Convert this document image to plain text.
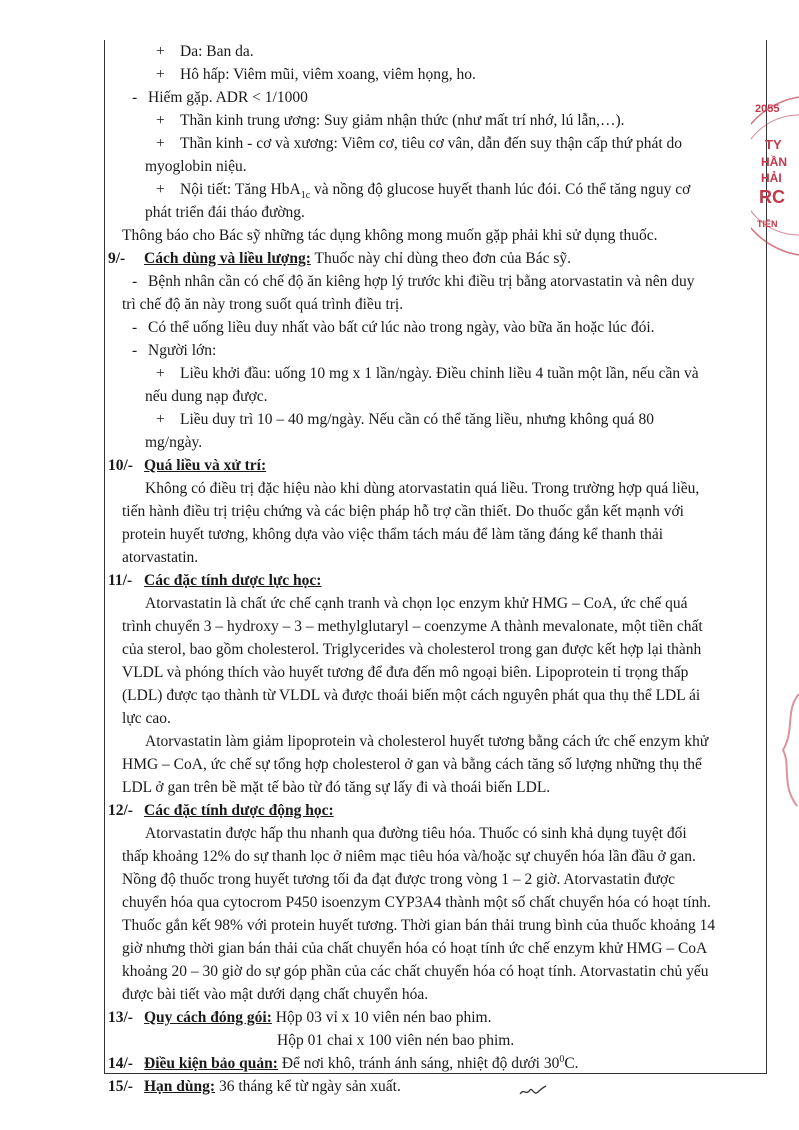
+ Da: Ban da.
+ Hô hấp: Viêm mũi, viêm xoang, viêm họng, ho.
- Hiếm gặp. ADR < 1/1000
+ Thần kinh trung ương: Suy giảm nhận thức (như mất trí nhớ, lú lẫn,…).
+ Thần kinh - cơ và xương: Viêm cơ, tiêu cơ vân, dẫn đến suy thận cấp thứ phát do
myoglobin niệu.
+ Nội tiết: Tăng HbA$_{1c}$ và nồng độ glucose huyết thanh lúc đói. Có thể tăng nguy cơ
phát triển đái tháo đường.
Thông báo cho Bác sỹ những tác dụng không mong muốn gặp phải khi sử dụng thuốc.
9/- Cách dùng và liều lượng: Thuốc này chỉ dùng theo đơn của Bác sỹ.
- Bệnh nhân cần có chế độ ăn kiêng hợp lý trước khi điều trị bằng atorvastatin và nên duy
trì chế độ ăn này trong suốt quá trình điều trị.
- Có thể uống liều duy nhất vào bất cứ lúc nào trong ngày, vào bữa ăn hoặc lúc đói.
- Người lớn:
+ Liều khởi đầu: uống 10 mg x 1 lần/ngày. Điều chỉnh liều 4 tuần một lần, nếu cần và
nếu dung nạp được.
+ Liều duy trì 10 – 40 mg/ngày. Nếu cần có thể tăng liều, nhưng không quá 80
mg/ngày.
10/- Quá liều và xử trí:
Không có điều trị đặc hiệu nào khi dùng atorvastatin quá liều. Trong trường hợp quá liều,
tiến hành điều trị triệu chứng và các biện pháp hỗ trợ cần thiết. Do thuốc gắn kết mạnh với
protein huyết tương, không dựa vào việc thẩm tách máu để làm tăng đáng kể thanh thải
atorvastatin.
11/- Các đặc tính dược lực học:
Atorvastatin là chất ức chế cạnh tranh và chọn lọc enzym khử HMG – CoA, ức chế quá
trình chuyển 3 – hydroxy – 3 – methylglutaryl – coenzyme A thành mevalonate, một tiền chất
của sterol, bao gồm cholesterol. Triglycerides và cholesterol trong gan được kết hợp lại thành
VLDL và phóng thích vào huyết tương để đưa đến mô ngoại biên. Lipoprotein tỉ trọng thấp
(LDL) được tạo thành từ VLDL và được thoái biến một cách nguyên phát qua thụ thể LDL ái
lực cao.
Atorvastatin làm giảm lipoprotein và cholesterol huyết tương bằng cách ức chế enzym khử
HMG – CoA, ức chế sự tổng hợp cholesterol ở gan và bằng cách tăng số lượng những thụ thể
LDL ở gan trên bề mặt tế bào từ đó tăng sự lấy đi và thoái biến LDL.
12/- Các đặc tính dược động học:
Atorvastatin được hấp thu nhanh qua đường tiêu hóa. Thuốc có sinh khả dụng tuyệt đối
thấp khoảng 12% do sự thanh lọc ở niêm mạc tiêu hóa và/hoặc sự chuyển hóa lần đầu ở gan.
Nồng độ thuốc trong huyết tương tối đa đạt được trong vòng 1 – 2 giờ. Atorvastatin được
chuyển hóa qua cytocrom P450 isoenzym CYP3A4 thành một số chất chuyển hóa có hoạt tính.
Thuốc gắn kết 98% với protein huyết tương. Thời gian bán thải trung bình của thuốc khoảng 14
giờ nhưng thời gian bán thải của chất chuyển hóa có hoạt tính ức chế enzym khử HMG – CoA
khoảng 20 – 30 giờ do sự góp phần của các chất chuyển hóa có hoạt tính. Atorvastatin chủ yếu
được bài tiết vào mật dưới dạng chất chuyển hóa.
13/- Quy cách đóng gói: Hộp 03 vỉ x 10 viên nén bao phim.
Hộp 01 chai x 100 viên nén bao phim.
14/- Điều kiện bảo quản: Để nơi khô, tránh ánh sáng, nhiệt độ dưới $30^0C$.
15/- Hạn dùng: 36 tháng kể từ ngày sản xuất.
2055
TY
HẦN
HẢI
RC
TIẾN
